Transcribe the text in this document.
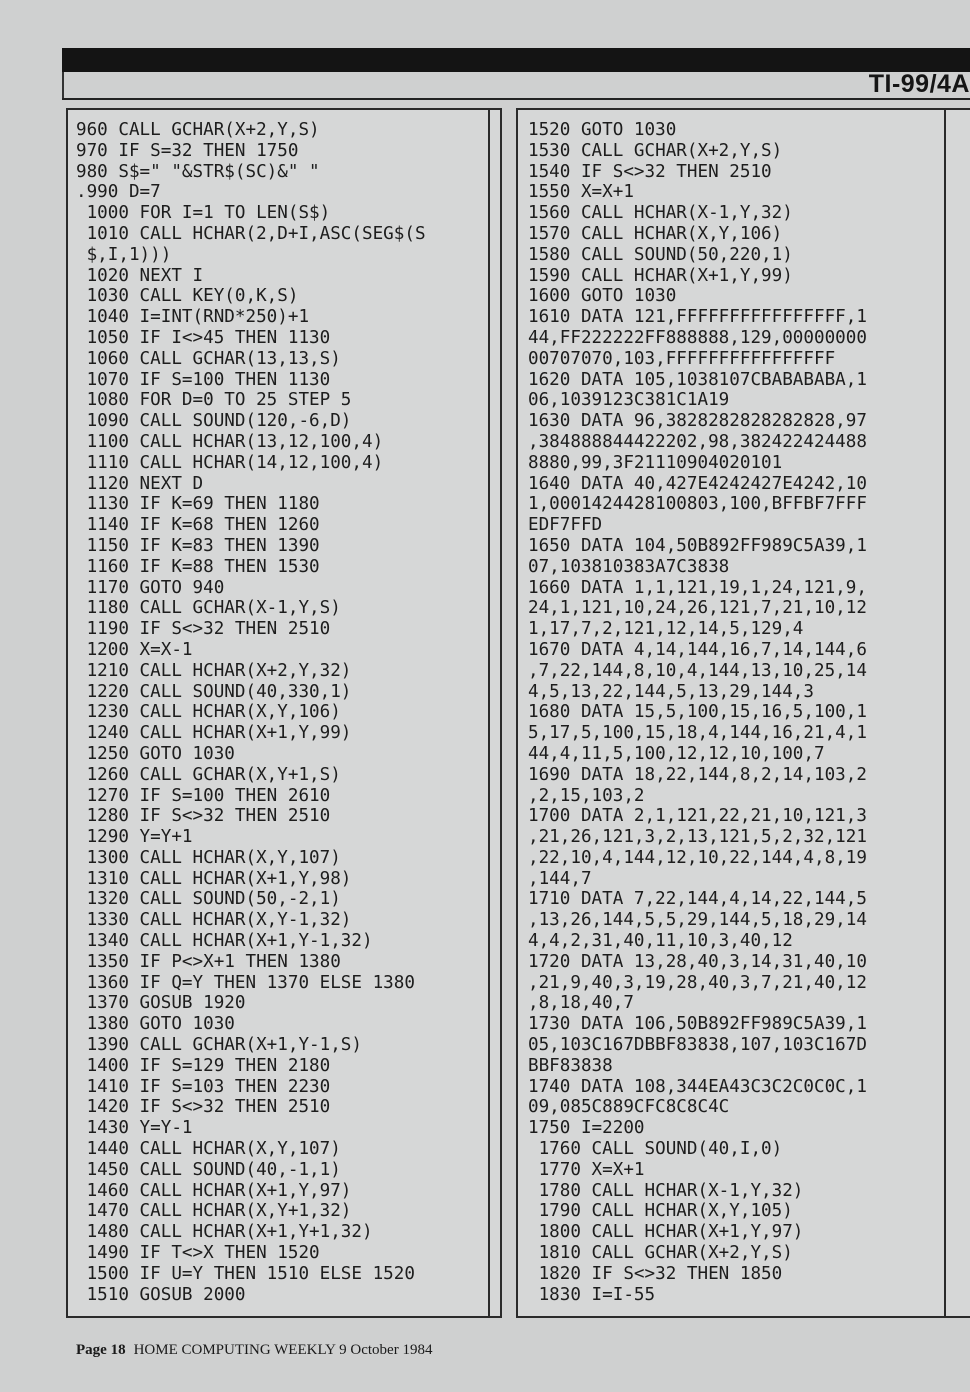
TI-99/4A
960 CALL GCHAR(X+2,Y,S)
970 IF S=32 THEN 1750
980 S$=" "&STR$(SC)&" "
.990 D=7
1000 FOR I=1 TO LEN(S$)
1010 CALL HCHAR(2,D+I,ASC(SEG$(S
$,I,1)))
1020 NEXT I
1030 CALL KEY(0,K,S)
1040 I=INT(RND*250)+1
1050 IF I<>45 THEN 1130
1060 CALL GCHAR(13,13,S)
1070 IF S=100 THEN 1130
1080 FOR D=0 TO 25 STEP 5
1090 CALL SOUND(120,-6,D)
1100 CALL HCHAR(13,12,100,4)
1110 CALL HCHAR(14,12,100,4)
1120 NEXT D
1130 IF K=69 THEN 1180
1140 IF K=68 THEN 1260
1150 IF K=83 THEN 1390
1160 IF K=88 THEN 1530
1170 GOTO 940
1180 CALL GCHAR(X-1,Y,S)
1190 IF S<>32 THEN 2510
1200 X=X-1
1210 CALL HCHAR(X+2,Y,32)
1220 CALL SOUND(40,330,1)
1230 CALL HCHAR(X,Y,106)
1240 CALL HCHAR(X+1,Y,99)
1250 GOTO 1030
1260 CALL GCHAR(X,Y+1,S)
1270 IF S=100 THEN 2610
1280 IF S<>32 THEN 2510
1290 Y=Y+1
1300 CALL HCHAR(X,Y,107)
1310 CALL HCHAR(X+1,Y,98)
1320 CALL SOUND(50,-2,1)
1330 CALL HCHAR(X,Y-1,32)
1340 CALL HCHAR(X+1,Y-1,32)
1350 IF P<>X+1 THEN 1380
1360 IF Q=Y THEN 1370 ELSE 1380
1370 GOSUB 1920
1380 GOTO 1030
1390 CALL GCHAR(X+1,Y-1,S)
1400 IF S=129 THEN 2180
1410 IF S=103 THEN 2230
1420 IF S<>32 THEN 2510
1430 Y=Y-1
1440 CALL HCHAR(X,Y,107)
1450 CALL SOUND(40,-1,1)
1460 CALL HCHAR(X+1,Y,97)
1470 CALL HCHAR(X,Y+1,32)
1480 CALL HCHAR(X+1,Y+1,32)
1490 IF T<>X THEN 1520
1500 IF U=Y THEN 1510 ELSE 1520
1510 GOSUB 2000
1520 GOTO 1030
1530 CALL GCHAR(X+2,Y,S)
1540 IF S<>32 THEN 2510
1550 X=X+1
1560 CALL HCHAR(X-1,Y,32)
1570 CALL HCHAR(X,Y,106)
1580 CALL SOUND(50,220,1)
1590 CALL HCHAR(X+1,Y,99)
1600 GOTO 1030
1610 DATA 121,FFFFFFFFFFFFFFFF,1
44,FF222222FF888888,129,00000000
00707070,103,FFFFFFFFFFFFFFFF
1620 DATA 105,1038107CBABABABA,1
06,1039123C381C1A19
1630 DATA 96,3828282828282828,97
,384888844422202,98,382422424488
8880,99,3F21110904020101
1640 DATA 40,427E4242427E4242,10
1,0001424428100803,100,BFFBF7FFF
EDF7FFD
1650 DATA 104,50B892FF989C5A39,1
07,103810383A7C3838
1660 DATA 1,1,121,19,1,24,121,9,
24,1,121,10,24,26,121,7,21,10,12
1,17,7,2,121,12,14,5,129,4
1670 DATA 4,14,144,16,7,14,144,6
,7,22,144,8,10,4,144,13,10,25,14
4,5,13,22,144,5,13,29,144,3
1680 DATA 15,5,100,15,16,5,100,1
5,17,5,100,15,18,4,144,16,21,4,1
44,4,11,5,100,12,12,10,100,7
1690 DATA 18,22,144,8,2,14,103,2
,2,15,103,2
1700 DATA 2,1,121,22,21,10,121,3
,21,26,121,3,2,13,121,5,2,32,121
,22,10,4,144,12,10,22,144,4,8,19
,144,7
1710 DATA 7,22,144,4,14,22,144,5
,13,26,144,5,5,29,144,5,18,29,14
4,4,2,31,40,11,10,3,40,12
1720 DATA 13,28,40,3,14,31,40,10
,21,9,40,3,19,28,40,3,7,21,40,12
,8,18,40,7
1730 DATA 106,50B892FF989C5A39,1
05,103C167DBBF83838,107,103C167D
BBF83838
1740 DATA 108,344EA43C3C2C0C0C,1
09,085C889CFC8C8C4C
1750 I=2200
1760 CALL SOUND(40,I,0)
1770 X=X+1
1780 CALL HCHAR(X-1,Y,32)
1790 CALL HCHAR(X,Y,105)
1800 CALL HCHAR(X+1,Y,97)
1810 CALL GCHAR(X+2,Y,S)
1820 IF S<>32 THEN 1850
1830 I=I-55
Page 18 HOME COMPUTING WEEKLY 9 October 1984
